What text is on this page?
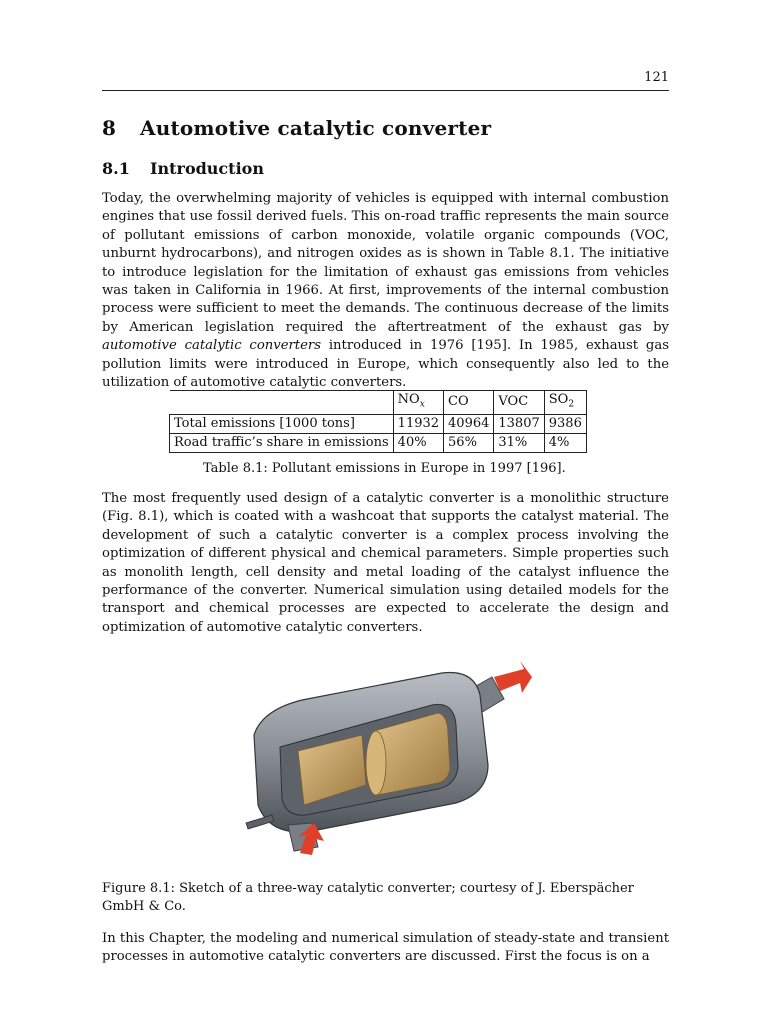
121
8 Automotive catalytic converter
8.1 Introduction

Today, the overwhelming majority of vehicles is equipped with internal combustion engines that use fossil derived fuels. This on-road traffic represents the main source of pollutant emissions of carbon monoxide, volatile organic compounds (VOC, unburnt hydrocarbons), and nitrogen oxides as is shown in Table 8.1. The initiative to introduce legislation for the limitation of exhaust gas emissions from vehicles was taken in California in 1966. At first, improvements of the internal combustion process were sufficient to meet the demands. The continuous decrease of the limits by American legislation required the aftertreatment of the exhaust gas by automotive catalytic converters introduced in 1976 [195]. In 1985, exhaust gas pollution limits were introduced in Europe, which consequently also led to the utilization of automotive catalytic converters.

	$NO_x$	CO	VOC	$SO_2$
Total emissions [1000 tons]	11932	40964	13807	9386
Road traffic’s share in emissions	40%	56%	31%	4%
Table 8.1: Pollutant emissions in Europe in 1997 [196].

The most frequently used design of a catalytic converter is a monolithic structure (Fig. 8.1), which is coated with a washcoat that supports the catalyst material. The development of such a catalytic converter is a complex process involving the optimization of different physical and chemical parameters. Simple properties such as monolith length, cell density and metal loading of the catalyst influence the performance of the converter. Numerical simulation using detailed models for the transport and chemical processes are expected to accelerate the design and optimization of automotive catalytic converters.

Figure 8.1: Sketch of a three-way catalytic converter; courtesy of J. Eberspächer GmbH & Co.

In this Chapter, the modeling and numerical simulation of steady-state and transient processes in automotive catalytic converters are discussed. First the focus is on a
